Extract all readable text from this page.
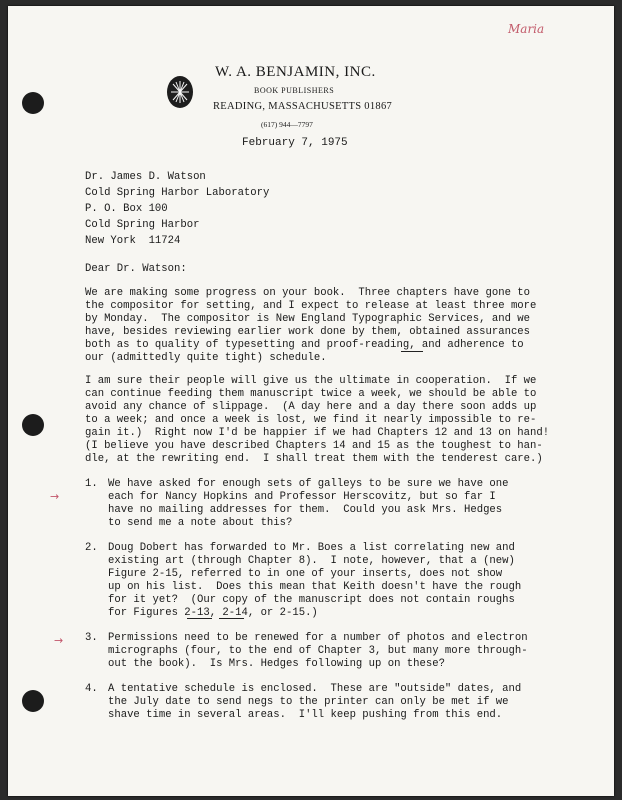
Maria
W. A. BENJAMIN, INC.
BOOK PUBLISHERS
READING, MASSACHUSETTS 01867
(617) 944—7797
February 7, 1975
Dr. James D. Watson
Cold Spring Harbor Laboratory
P. O. Box 100
Cold Spring Harbor
New York  11724
Dear Dr. Watson:
We are making some progress on your book.  Three chapters have gone to
the compositor for setting, and I expect to release at least three more
by Monday.  The compositor is New England Typographic Services, and we
have, besides reviewing earlier work done by them, obtained assurances
both as to quality of typesetting and proof-reading, and adherence to
our (admittedly quite tight) schedule.
I am sure their people will give us the ultimate in cooperation.  If we
can continue feeding them manuscript twice a week, we should be able to
avoid any chance of slippage.  (A day here and a day there soon adds up
to a week; and once a week is lost, we find it nearly impossible to re-
gain it.)  Right now I'd be happier if we had Chapters 12 and 13 on hand!
(I believe you have described Chapters 14 and 15 as the toughest to han-
dle, at the rewriting end.  I shall treat them with the tenderest care.)
1. We have asked for enough sets of galleys to be sure we have one
each for Nancy Hopkins and Professor Herscovitz, but so far I
have no mailing addresses for them.  Could you ask Mrs. Hedges
to send me a note about this?
→
2. Doug Dobert has forwarded to Mr. Boes a list correlating new and
existing art (through Chapter 8).  I note, however, that a (new)
Figure 2-15, referred to in one of your inserts, does not show
up on his list.  Does this mean that Keith doesn't have the rough
for it yet?  (Our copy of the manuscript does not contain roughs
for Figures 2-13, 2-14, or 2-15.)
3. Permissions need to be renewed for a number of photos and electron
micrographs (four, to the end of Chapter 3, but many more through-
out the book).  Is Mrs. Hedges following up on these?
→
4. A tentative schedule is enclosed.  These are "outside" dates, and
the July date to send negs to the printer can only be met if we
shave time in several areas.  I'll keep pushing from this end.
